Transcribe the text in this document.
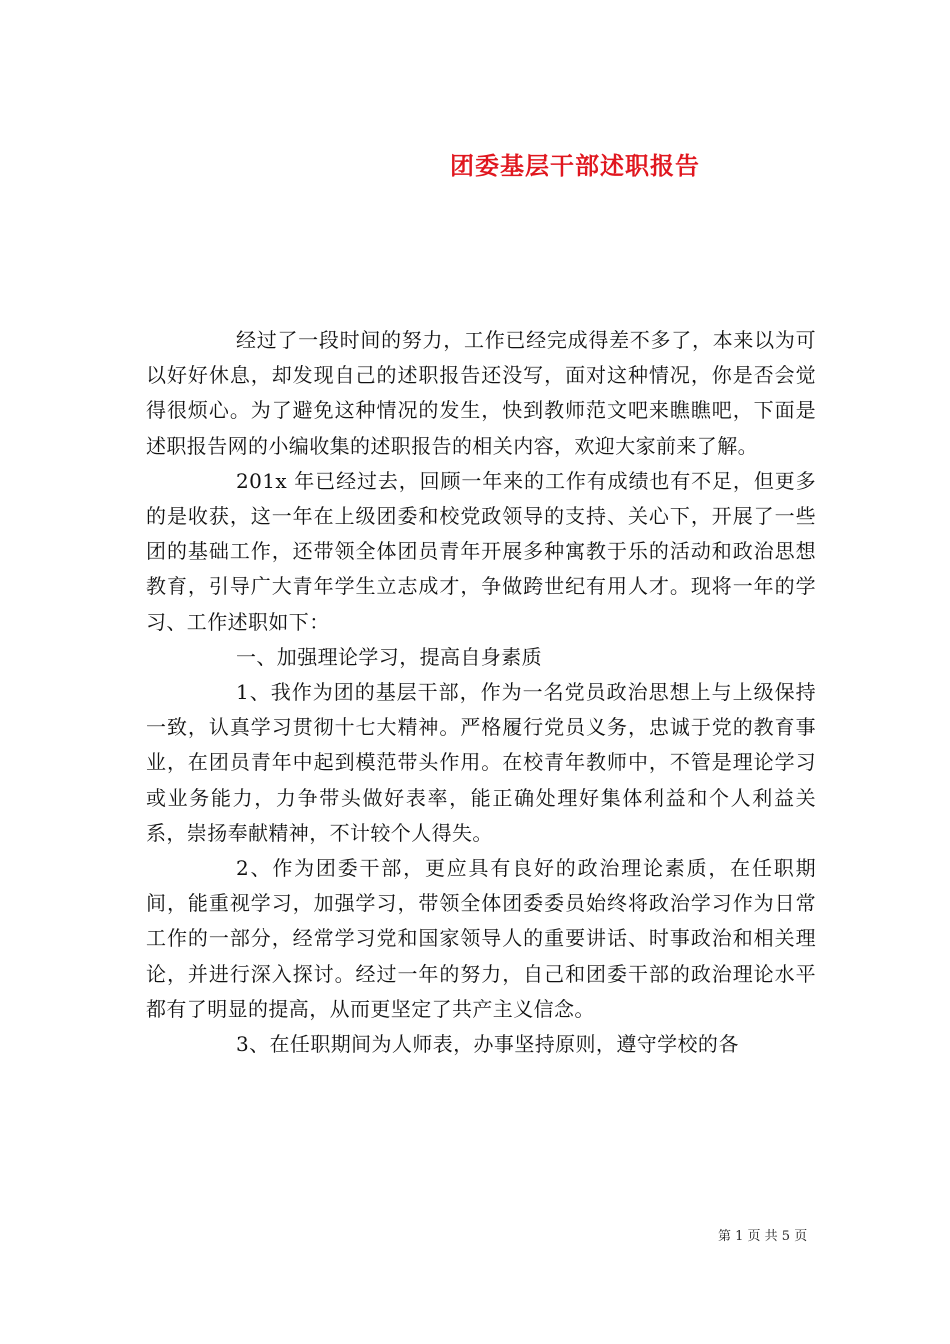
团委基层干部述职报告

经过了一段时间的努力，工作已经完成得差不多了，本来以为可以好好休息，却发现自己的述职报告还没写，面对这种情况，你是否会觉得很烦心。为了避免这种情况的发生，快到教师范文吧来瞧瞧吧，下面是述职报告网的小编收集的述职报告的相关内容，欢迎大家前来了解。

201x 年已经过去，回顾一年来的工作有成绩也有不足，但更多的是收获，这一年在上级团委和校党政领导的支持、关心下，开展了一些团的基础工作，还带领全体团员青年开展多种寓教于乐的活动和政治思想教育，引导广大青年学生立志成才，争做跨世纪有用人才。现将一年的学习、工作述职如下：

一、加强理论学习，提高自身素质

1、我作为团的基层干部，作为一名党员政治思想上与上级保持一致，认真学习贯彻十七大精神。严格履行党员义务，忠诚于党的教育事业，在团员青年中起到模范带头作用。在校青年教师中，不管是理论学习或业务能力，力争带头做好表率，能正确处理好集体利益和个人利益关系，崇扬奉献精神，不计较个人得失。

2、作为团委干部，更应具有良好的政治理论素质，在任职期间，能重视学习，加强学习，带领全体团委委员始终将政治学习作为日常工作的一部分，经常学习党和国家领导人的重要讲话、时事政治和相关理论，并进行深入探讨。经过一年的努力，自己和团委干部的政治理论水平都有了明显的提高，从而更坚定了共产主义信念。

3、在任职期间为人师表，办事坚持原则，遵守学校的各

第 1 页 共 5 页
